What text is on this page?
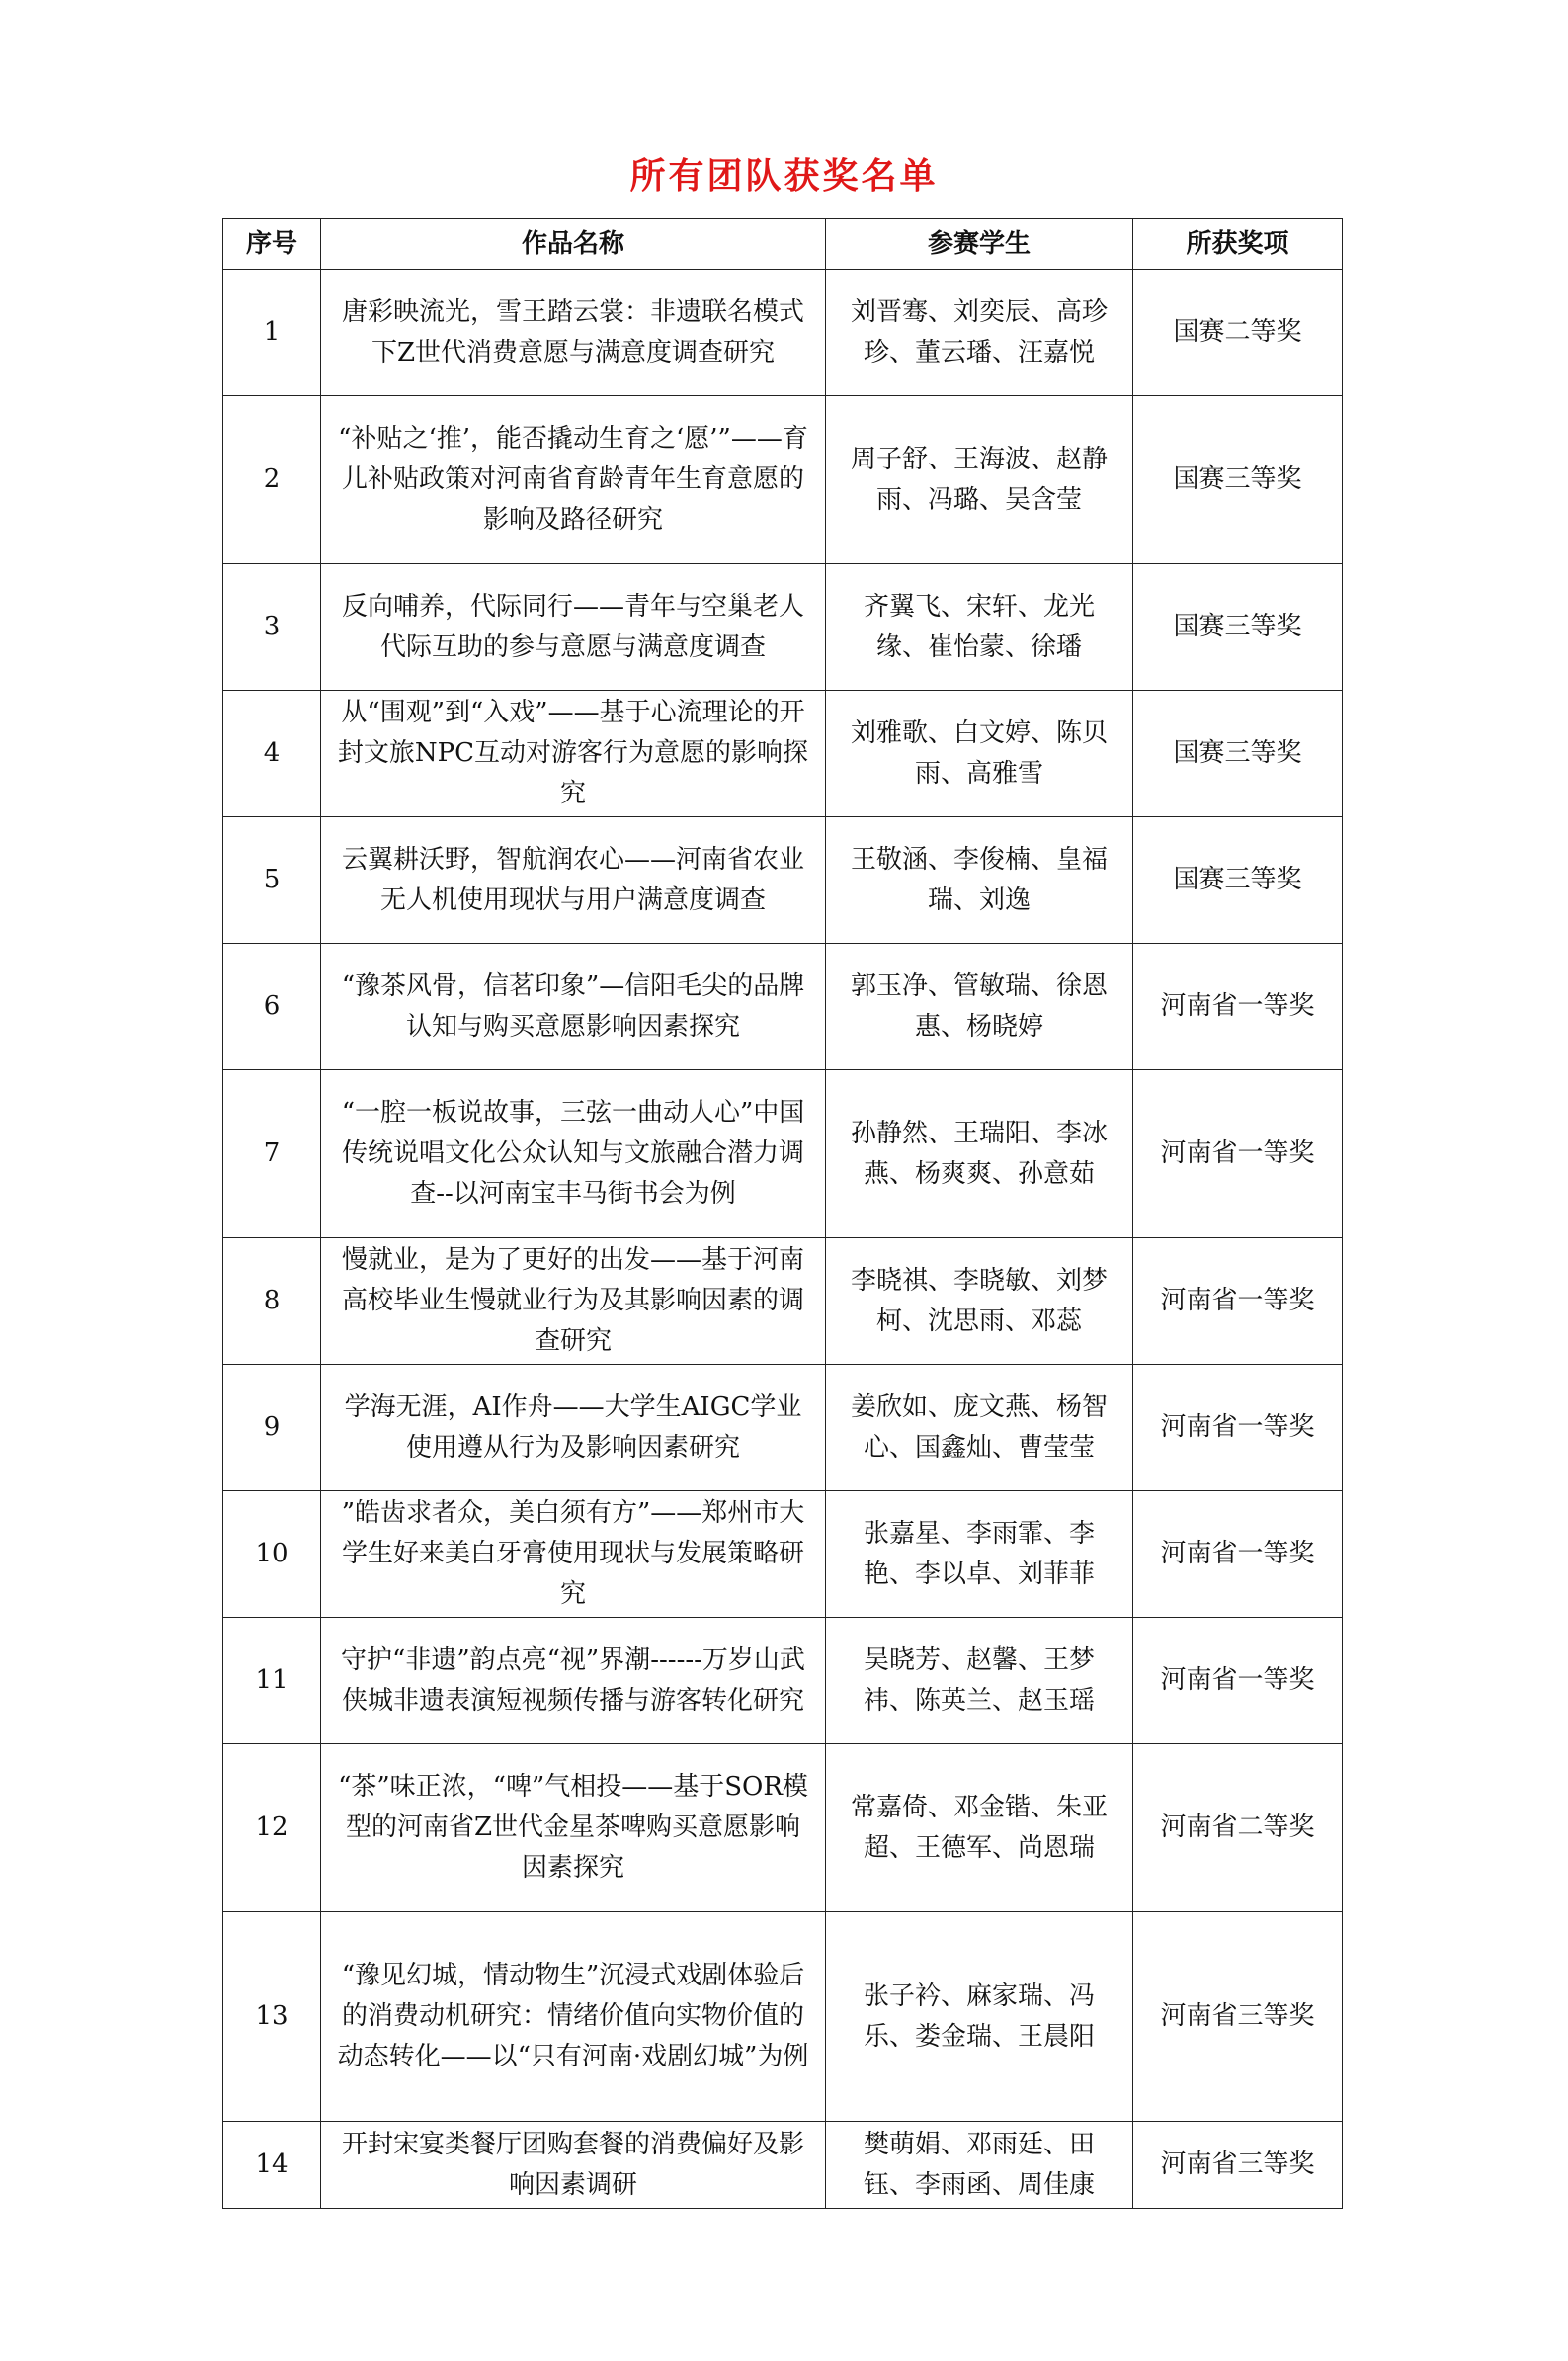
所有团队获奖名单
序号	作品名称	参赛学生	所获奖项
1	唐彩映流光，雪王踏云裳：非遗联名模式下Z世代消费意愿与满意度调查研究	刘晋骞、刘奕辰、高珍珍、董云璠、汪嘉悦	国赛二等奖
2	“补贴之‘推’，能否撬动生育之‘愿’”——育儿补贴政策对河南省育龄青年生育意愿的影响及路径研究	周子舒、王海波、赵静雨、冯璐、吴含莹	国赛三等奖
3	反向哺养，代际同行——青年与空巢老人代际互助的参与意愿与满意度调查	齐翼飞、宋轩、龙光缘、崔怡蒙、徐璠	国赛三等奖
4	从“围观”到“入戏”——基于心流理论的开封文旅NPC互动对游客行为意愿的影响探究	刘雅歌、白文婷、陈贝雨、高雅雪	国赛三等奖
5	云翼耕沃野，智航润农心——河南省农业无人机使用现状与用户满意度调查	王敬涵、李俊楠、皇福瑞、刘逸	国赛三等奖
6	“豫茶风骨，信茗印象”—信阳毛尖的品牌认知与购买意愿影响因素探究	郭玉净、管敏瑞、徐恩惠、杨晓婷	河南省一等奖
7	“一腔一板说故事，三弦一曲动人心”中国传统说唱文化公众认知与文旅融合潜力调查--以河南宝丰马街书会为例	孙静然、王瑞阳、李冰燕、杨爽爽、孙意茹	河南省一等奖
8	慢就业，是为了更好的出发——基于河南高校毕业生慢就业行为及其影响因素的调查研究	李晓祺、李晓敏、刘梦柯、沈思雨、邓蕊	河南省一等奖
9	学海无涯，AI作舟——大学生AIGC学业使用遵从行为及影响因素研究	姜欣如、庞文燕、杨智心、国鑫灿、曹莹莹	河南省一等奖
10	”皓齿求者众，美白须有方”——郑州市大学生好来美白牙膏使用现状与发展策略研究	张嘉星、李雨霏、李艳、李以卓、刘菲菲	河南省一等奖
11	守护“非遗”韵点亮“视”界潮------万岁山武侠城非遗表演短视频传播与游客转化研究	吴晓芳、赵馨、王梦祎、陈英兰、赵玉瑶	河南省一等奖
12	“茶”味正浓，“啤”气相投——基于SOR模型的河南省Z世代金星茶啤购买意愿影响因素探究	常嘉倚、邓金锴、朱亚超、王德军、尚恩瑞	河南省二等奖
13	“豫见幻城，情动物生”沉浸式戏剧体验后的消费动机研究：情绪价值向实物价值的动态转化——以“只有河南·戏剧幻城”为例	张子衿、麻家瑞、冯乐、娄金瑞、王晨阳	河南省三等奖
14	开封宋宴类餐厅团购套餐的消费偏好及影响因素调研	樊萌娟、邓雨廷、田钰、李雨函、周佳康	河南省三等奖
